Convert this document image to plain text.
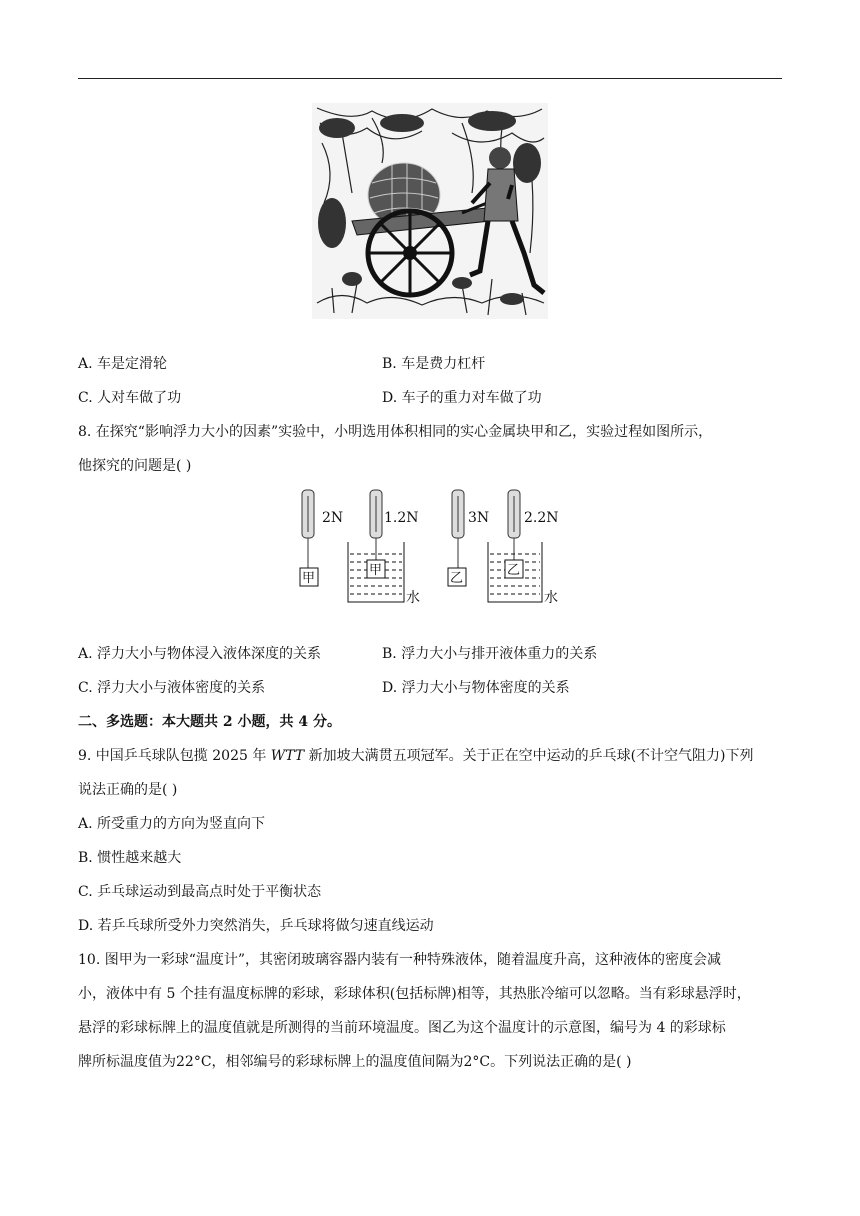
A. 车是定滑轮	B. 车是费力杠杆
C. 人对车做了功	D. 车子的重力对车做了功
8. 在探究“影响浮力大小的因素”实验中，小明选用体积相同的实心金属块甲和乙，实验过程如图所示，
他探究的问题是( )
2N
甲
1.2N
甲
水
3N
乙
2.2N
乙
水
A. 浮力大小与物体浸入液体深度的关系	B. 浮力大小与排开液体重力的关系
C. 浮力大小与液体密度的关系	D. 浮力大小与物体密度的关系
二、多选题：本大题共 2 小题，共 4 分。
9. 中国乒乓球队包揽 2025 年 WTT 新加坡大满贯五项冠军。关于正在空中运动的乒乓球(不计空气阻力)下列
说法正确的是( )
A. 所受重力的方向为竖直向下
B. 惯性越来越大
C. 乒乓球运动到最高点时处于平衡状态
D. 若乒乓球所受外力突然消失，乒乓球将做匀速直线运动
10. 图甲为一彩球“温度计”，其密闭玻璃容器内装有一种特殊液体，随着温度升高，这种液体的密度会减
小，液体中有 5 个挂有温度标牌的彩球，彩球体积(包括标牌)相等，其热胀冷缩可以忽略。当有彩球悬浮时，
悬浮的彩球标牌上的温度值就是所测得的当前环境温度。图乙为这个温度计的示意图，编号为 4 的彩球标
牌所标温度值为22°C，相邻编号的彩球标牌上的温度值间隔为2°C。下列说法正确的是( )
